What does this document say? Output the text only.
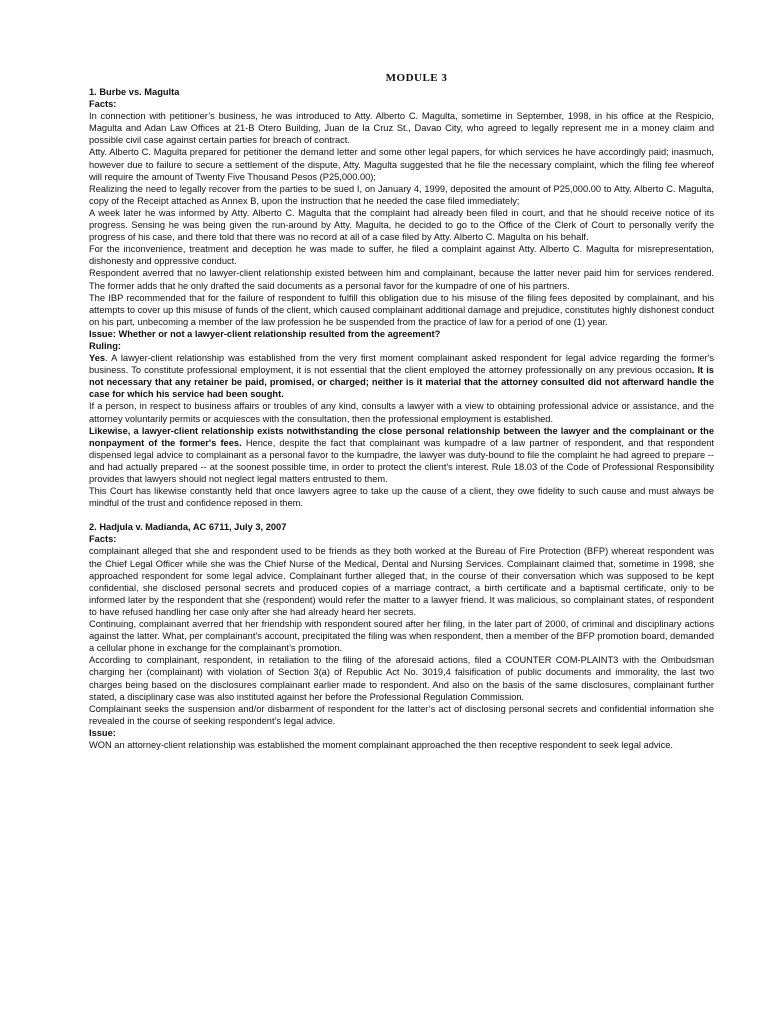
MODULE 3
1. Burbe vs. Magulta
Facts:

In connection with petitioner’s business, he was introduced to Atty. Alberto C. Magulta, sometime in September, 1998, in his office at the Respicio, Magulta and Adan Law Offices at 21-B Otero Building, Juan de la Cruz St., Davao City, who agreed to legally represent me in a money claim and possible civil case against certain parties for breach of contract.

Atty. Alberto C. Magulta prepared for petitioner the demand letter and some other legal papers, for which services he have accordingly paid; inasmuch, however due to failure to secure a settlement of the dispute, Atty. Magulta suggested that he file the necessary complaint, which the filing fee whereof will require the amount of Twenty Five Thousand Pesos (P25,000.00);

Realizing the need to legally recover from the parties to be sued I, on January 4, 1999, deposited the amount of P25,000.00 to Atty. Alberto C. Magulta, copy of the Receipt attached as Annex B, upon the instruction that he needed the case filed immediately;

A week later he was informed by Atty. Alberto C. Magulta that the complaint had already been filed in court, and that he should receive notice of its progress. Sensing he was being given the run-around by Atty. Magulta, he decided to go to the Office of the Clerk of Court to personally verify the progress of his case, and there told that there was no record at all of a case filed by Atty. Alberto C. Magulta on his behalf.

For the inconvenience, treatment and deception he was made to suffer, he filed a complaint against Atty. Alberto C. Magulta for misrepresentation, dishonesty and oppressive conduct.

Respondent averred that no lawyer-client relationship existed between him and complainant, because the latter never paid him for services rendered. The former adds that he only drafted the said documents as a personal favor for the kumpadre of one of his partners.

The IBP recommended that for the failure of respondent to fulfill this obligation due to his misuse of the filing fees deposited by complainant, and his attempts to cover up this misuse of funds of the client, which caused complainant additional damage and prejudice, constitutes highly dishonest conduct on his part, unbecoming a member of the law profession he be suspended from the practice of law for a period of one (1) year.

Issue: Whether or not a lawyer-client relationship resulted from the agreement?
Ruling:

Yes. A lawyer-client relationship was established from the very first moment complainant asked respondent for legal advice regarding the former's business. To constitute professional employment, it is not essential that the client employed the attorney professionally on any previous occasion. It is not necessary that any retainer be paid, promised, or charged; neither is it material that the attorney consulted did not afterward handle the case for which his service had been sought.

If a person, in respect to business affairs or troubles of any kind, consults a lawyer with a view to obtaining professional advice or assistance, and the attorney voluntarily permits or acquiesces with the consultation, then the professional employment is established.

Likewise, a lawyer-client relationship exists notwithstanding the close personal relationship between the lawyer and the complainant or the nonpayment of the former's fees. Hence, despite the fact that complainant was kumpadre of a law partner of respondent, and that respondent dispensed legal advice to complainant as a personal favor to the kumpadre, the lawyer was duty-bound to file the complaint he had agreed to prepare -- and had actually prepared -- at the soonest possible time, in order to protect the client's interest. Rule 18.03 of the Code of Professional Responsibility provides that lawyers should not neglect legal matters entrusted to them.

This Court has likewise constantly held that once lawyers agree to take up the cause of a client, they owe fidelity to such cause and must always be mindful of the trust and confidence reposed in them.

2. Hadjula v. Madianda, AC 6711, July 3, 2007
Facts:

complainant alleged that she and respondent used to be friends as they both worked at the Bureau of Fire Protection (BFP) whereat respondent was the Chief Legal Officer while she was the Chief Nurse of the Medical, Dental and Nursing Services. Complainant claimed that, sometime in 1998, she approached respondent for some legal advice. Complainant further alleged that, in the course of their conversation which was supposed to be kept confidential, she disclosed personal secrets and produced copies of a marriage contract, a birth certificate and a baptismal certificate, only to be informed later by the respondent that she (respondent) would refer the matter to a lawyer friend. It was malicious, so complainant states, of respondent to have refused handling her case only after she had already heard her secrets.

Continuing, complainant averred that her friendship with respondent soured after her filing, in the later part of 2000, of criminal and disciplinary actions against the latter. What, per complainant’s account, precipitated the filing was when respondent, then a member of the BFP promotion board, demanded a cellular phone in exchange for the complainant’s promotion.

According to complainant, respondent, in retaliation to the filing of the aforesaid actions, filed a COUNTER COM-PLAINT3 with the Ombudsman charging her (complainant) with violation of Section 3(a) of Republic Act No. 3019,4 falsification of public documents and immorality, the last two charges being based on the disclosures complainant earlier made to respondent. And also on the basis of the same disclosures, complainant further stated, a disciplinary case was also instituted against her before the Professional Regulation Commission.

Complainant seeks the suspension and/or disbarment of respondent for the latter’s act of disclosing personal secrets and confidential information she revealed in the course of seeking respondent’s legal advice.

Issue:

WON an attorney-client relationship was established the moment complainant approached the then receptive respondent to seek legal advice.
